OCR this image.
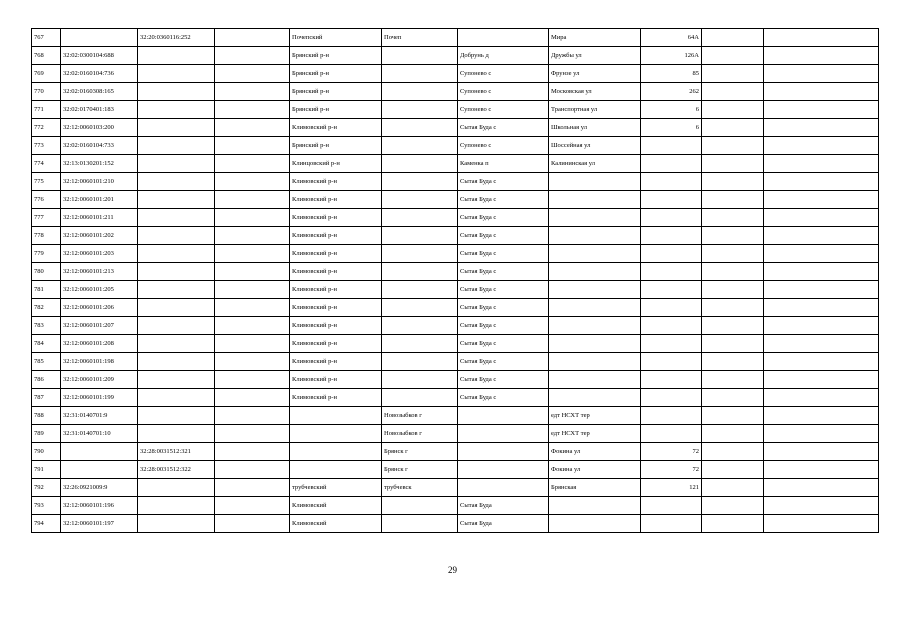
767		32:20:0360116:252		Почепский	Почеп		Мира	64А		
768	32:02:0300104:688			Брянский р-н		Добрунь д	Дружбы ул	126А		
769	32:02:0160104:736			Брянский р-н		Супонево с	Фрунзе ул	85		
770	32:02:0160308:165			Брянский р-н		Супонево с	Московская ул	262		
771	32:02:0170401:183			Брянский р-н		Супонево с	Транспортная ул	6		
772	32:12:0060103:200			Климовский р-н		Сытая Буда с	Школьная ул	6		
773	32:02:0160104:733			Брянский р-н		Супонево с	Шоссейная ул			
774	32:13:0130201:152			Клинцовский р-н		Каменка п	Калининская ул			
775	32:12:0060101:210			Климовский р-н		Сытая Буда с				
776	32:12:0060101:201			Климовский р-н		Сытая Буда с				
777	32:12:0060101:211			Климовский р-н		Сытая Буда с				
778	32:12:0060101:202			Климовский р-н		Сытая Буда с				
779	32:12:0060101:203			Климовский р-н		Сытая Буда с				
780	32:12:0060101:213			Климовский р-н		Сытая Буда с				
781	32:12:0060101:205			Климовский р-н		Сытая Буда с				
782	32:12:0060101:206			Климовский р-н		Сытая Буда с				
783	32:12:0060101:207			Климовский р-н		Сытая Буда с				
784	32:12:0060101:208			Климовский р-н		Сытая Буда с				
785	32:12:0060101:198			Климовский р-н		Сытая Буда с				
786	32:12:0060101:209			Климовский р-н		Сытая Буда с				
787	32:12:0060101:199			Климовский р-н		Сытая Буда с				
788	32:31:0140701:9				Новозыбков г		едт НСХТ тер			
789	32:31:0140701:10				Новозыбков г		едт НСХТ тер			
790		32:28:0031512:321			Брянск г		Фокина ул	72		
791		32:28:0031512:322			Брянск г		Фокина ул	72		
792	32:26:0921009:9			трубчевский	трубчевск		Брянская	121		
793	32:12:0060101:196			Климовский		Сытая Буда				
794	32:12:0060101:197			Климовский		Сытая Буда				
29
